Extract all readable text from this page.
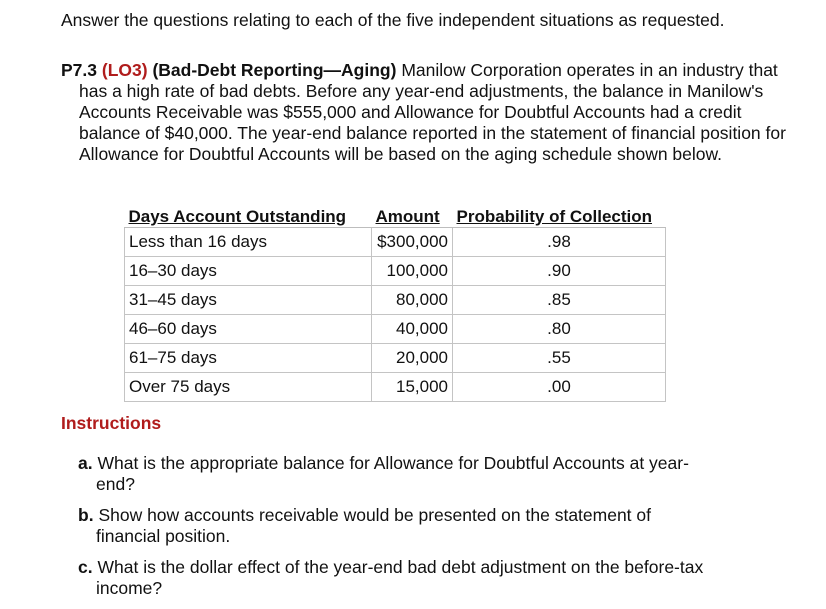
Answer the questions relating to each of the five independent situations as requested.

P7.3 (LO3) (Bad-Debt Reporting—Aging) Manilow Corporation operates in an industry that has a high rate of bad debts. Before any year-end adjustments, the balance in Manilow's Accounts Receivable was $555,000 and Allowance for Doubtful Accounts had a credit balance of $40,000. The year-end balance reported in the statement of financial position for Allowance for Doubtful Accounts will be based on the aging schedule shown below.

Days Account Outstanding	Amount	Probability of Collection
Less than 16 days	$300,000	.98
16–30 days	100,000	.90
31–45 days	80,000	.85
46–60 days	40,000	.80
61–75 days	20,000	.55
Over 75 days	15,000	.00
Instructions
a. What is the appropriate balance for Allowance for Doubtful Accounts at year-end?
b. Show how accounts receivable would be presented on the statement of financial position.
c. What is the dollar effect of the year-end bad debt adjustment on the before-tax income?
